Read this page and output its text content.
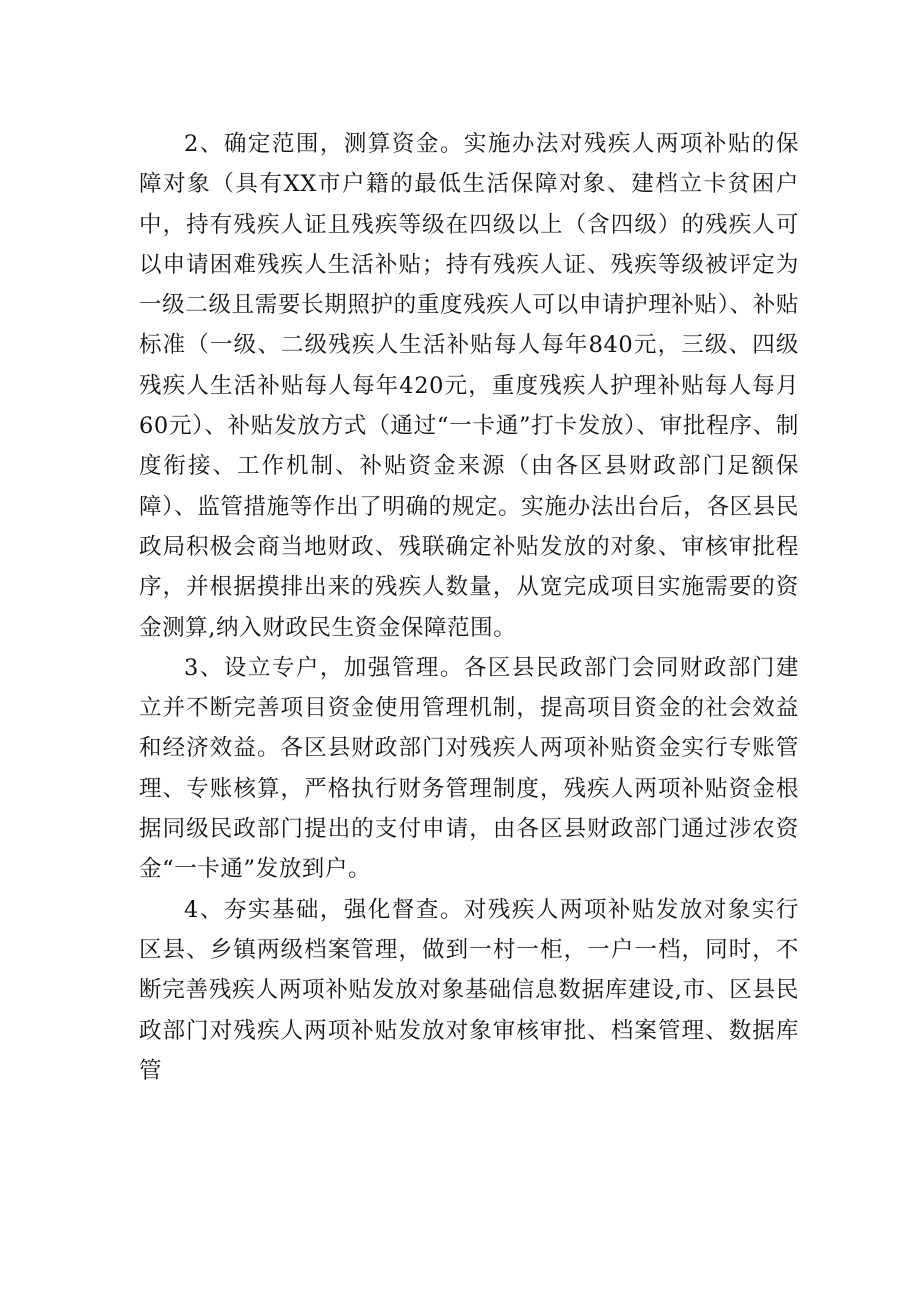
2、确定范围，测算资金。实施办法对残疾人两项补贴的保障对象（具有XX市户籍的最低生活保障对象、建档立卡贫困户中，持有残疾人证且残疾等级在四级以上（含四级）的残疾人可以申请困难残疾人生活补贴；持有残疾人证、残疾等级被评定为一级二级且需要长期照护的重度残疾人可以申请护理补贴）、补贴标准（一级、二级残疾人生活补贴每人每年840元，三级、四级残疾人生活补贴每人每年420元，重度残疾人护理补贴每人每月60元）、补贴发放方式（通过“一卡通”打卡发放）、审批程序、制度衔接、工作机制、补贴资金来源（由各区县财政部门足额保障）、监管措施等作出了明确的规定。实施办法出台后，各区县民政局积极会商当地财政、残联确定补贴发放的对象、审核审批程序，并根据摸排出来的残疾人数量，从宽完成项目实施需要的资金测算,纳入财政民生资金保障范围。

3、设立专户，加强管理。各区县民政部门会同财政部门建立并不断完善项目资金使用管理机制，提高项目资金的社会效益和经济效益。各区县财政部门对残疾人两项补贴资金实行专账管理、专账核算，严格执行财务管理制度，残疾人两项补贴资金根据同级民政部门提出的支付申请，由各区县财政部门通过涉农资金“一卡通”发放到户。

4、夯实基础，强化督查。对残疾人两项补贴发放对象实行区县、乡镇两级档案管理，做到一村一柜，一户一档，同时，不断完善残疾人两项补贴发放对象基础信息数据库建设,市、区县民政部门对残疾人两项补贴发放对象审核审批、档案管理、数据库管
